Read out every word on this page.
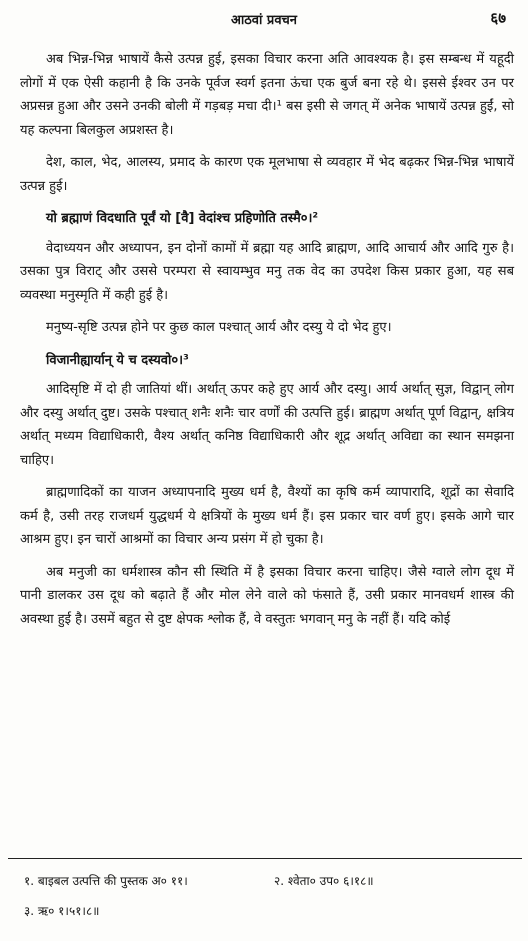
आठवां प्रवचन	६७

अब भिन्न-भिन्न भाषायें कैसे उत्पन्न हुई, इसका विचार करना अति आवश्यक है। इस सम्बन्ध में यहूदी लोगों में एक ऐसी कहानी है कि उनके पूर्वज स्वर्ग इतना ऊंचा एक बुर्ज बना रहे थे। इससे ईश्वर उन पर अप्रसन्न हुआ और उसने उनकी बोली में गड़बड़ मचा दी।¹ बस इसी से जगत् में अनेक भाषायें उत्पन्न हुईं, सो यह कल्पना बिलकुल अप्रशस्त है।

देश, काल, भेद, आलस्य, प्रमाद के कारण एक मूलभाषा से व्यवहार में भेद बढ़कर भिन्न-भिन्न भाषायें उत्पन्न हुई।

यो ब्रह्माणं विदधाति पूर्वं यो [वै] वेदांश्च प्रहिणोति तस्मै०।²

वेदाध्ययन और अध्यापन, इन दोनों कामों में ब्रह्मा यह आदि ब्राह्मण, आदि आचार्य और आदि गुरु है। उसका पुत्र विराट् और उससे परम्परा से स्वायम्भुव मनु तक वेद का उपदेश किस प्रकार हुआ, यह सब व्यवस्था मनुस्मृति में कही हुई है।

मनुष्य-सृष्टि उत्पन्न होने पर कुछ काल पश्चात् आर्य और दस्यु ये दो भेद हुए।

विजानीह्यार्यान् ये च दस्यवो०।³

आदिसृष्टि में दो ही जातियां थीं। अर्थात् ऊपर कहे हुए आर्य और दस्यु। आर्य अर्थात् सुज्ञ, विद्वान् लोग और दस्यु अर्थात् दुष्ट। उसके पश्चात् शनैः शनैः चार वर्णों की उत्पत्ति हुई। ब्राह्मण अर्थात् पूर्ण विद्वान्, क्षत्रिय अर्थात् मध्यम विद्याधिकारी, वैश्य अर्थात् कनिष्ठ विद्याधिकारी और शूद्र अर्थात् अविद्या का स्थान समझना चाहिए।

ब्राह्मणादिकों का याजन अध्यापनादि मुख्य धर्म है, वैश्यों का कृषि कर्म व्यापारादि, शूद्रों का सेवादि कर्म है, उसी तरह राजधर्म युद्धधर्म ये क्षत्रियों के मुख्य धर्म हैं। इस प्रकार चार वर्ण हुए। इसके आगे चार आश्रम हुए। इन चारों आश्रमों का विचार अन्य प्रसंग में हो चुका है।

अब मनुजी का धर्मशास्त्र कौन सी स्थिति में है इसका विचार करना चाहिए। जैसे ग्वाले लोग दूध में पानी डालकर उस दूध को बढ़ाते हैं और मोल लेने वाले को फंसाते हैं, उसी प्रकार मानवधर्म शास्त्र की अवस्था हुई है। उसमें बहुत से दुष्ट क्षेपक श्लोक हैं, वे वस्तुतः भगवान् मनु के नहीं हैं। यदि कोई

१. बाइबल उत्पत्ति की पुस्तक अ० ११।	२. श्वेता० उप० ६।१८॥
३. ऋ० १।५१।८॥
